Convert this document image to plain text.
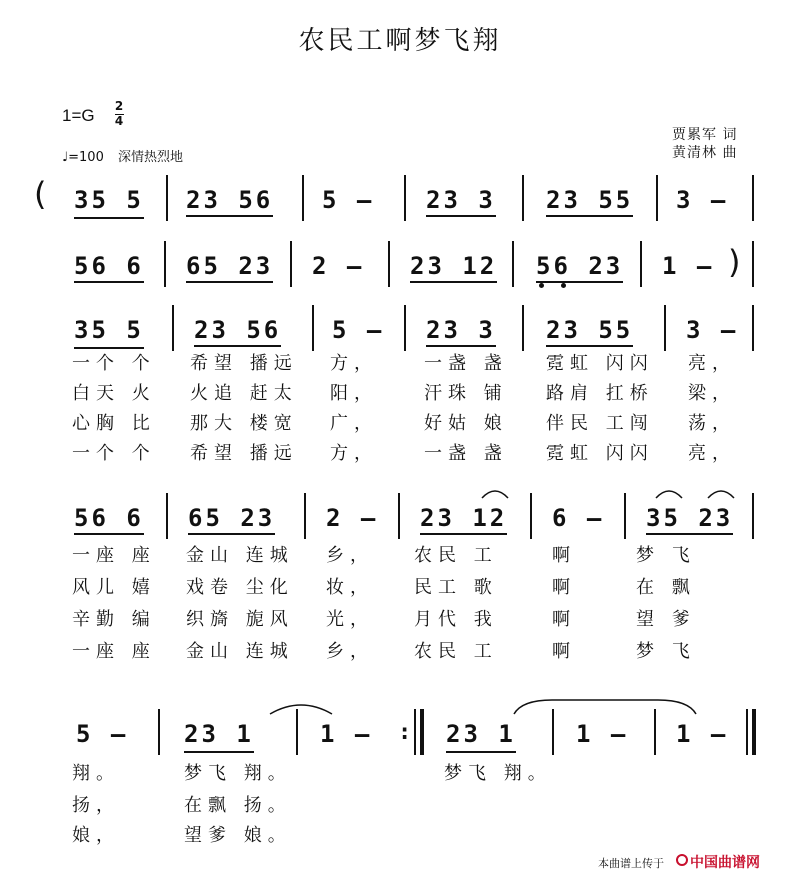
农民工啊梦飞翔
1=G 2
4
♩=100 深情热烈地
贾累军 词
黄清林 曲
( 35 5 23 56 5 – 23 3 23 55 3 –
56 6 65 23 2 – 23 12 56 23 1 – )
35 5 23 56 5 – 23 3 23 55 3 –
一个 个 希望 播远 方，	一盏 盏 霓虹 闪闪 亮，
白天 火 火追 赶太 阳，	汗珠 铺 路肩 扛桥 梁，
心胸 比 那大 楼宽 广，	好姑 娘 伴民 工闯 荡，
一个 个 希望 播远 方，	一盏 盏 霓虹 闪闪 亮，
56 6 65 23 2 – 23 12 6 – 35 23
一座 座 金山 连城 乡， 农民 工	啊	梦 飞
风儿 嬉 戏卷 尘化 妆， 民工 歌	啊	在 飘
辛勤 编 织旖 旎风 光， 月代 我	啊	望 爹
一座 座 金山 连城 乡， 农民 工	啊	梦 飞
5 – 23 1	1 – : 23 1	1 – 1 –
翔。	梦飞 翔。	梦飞 翔。
扬，	在飘 扬。
娘，	望爹 娘。
本曲谱上传于 中国曲谱网
